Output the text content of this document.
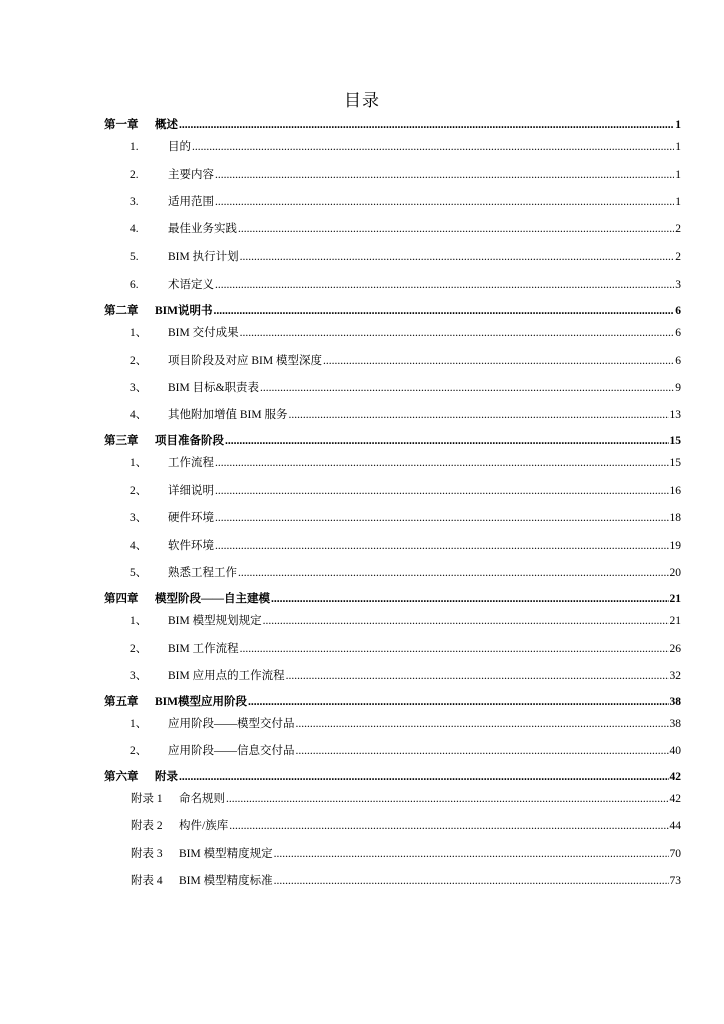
目录
第一章	概述 .....	1
1.	目的 .....	1
2.	主要内容 .....	1
3.	适用范围 .....	1
4.	最佳业务实践 .....	2
5.	BIM 执行计划 .....	2
6.	术语定义 .....	3
第二章	BIM说明书 .....	6
1、	BIM 交付成果 .....	6
2、	项目阶段及对应 BIM 模型深度 .....	6
3、	BIM 目标&职责表 .....	9
4、	其他附加增值 BIM 服务 .....	13
第三章	项目准备阶段 .....	15
1、	工作流程 .....	15
2、	详细说明 .....	16
3、	硬件环境 .....	18
4、	软件环境 .....	19
5、	熟悉工程工作 .....	20
第四章	模型阶段——自主建模 .....	21
1、	BIM 模型规划规定 .....	21
2、	BIM 工作流程 .....	26
3、	BIM 应用点的工作流程 .....	32
第五章	BIM模型应用阶段 .....	38
1、	应用阶段——模型交付品 .....	38
2、	应用阶段——信息交付品 .....	40
第六章	附录 .....	42
附录 1	命名规则 .....	42
附表 2	构件/族库 .....	44
附表 3	BIM 模型精度规定 .....	70
附表 4	BIM 模型精度标准 .....	73
